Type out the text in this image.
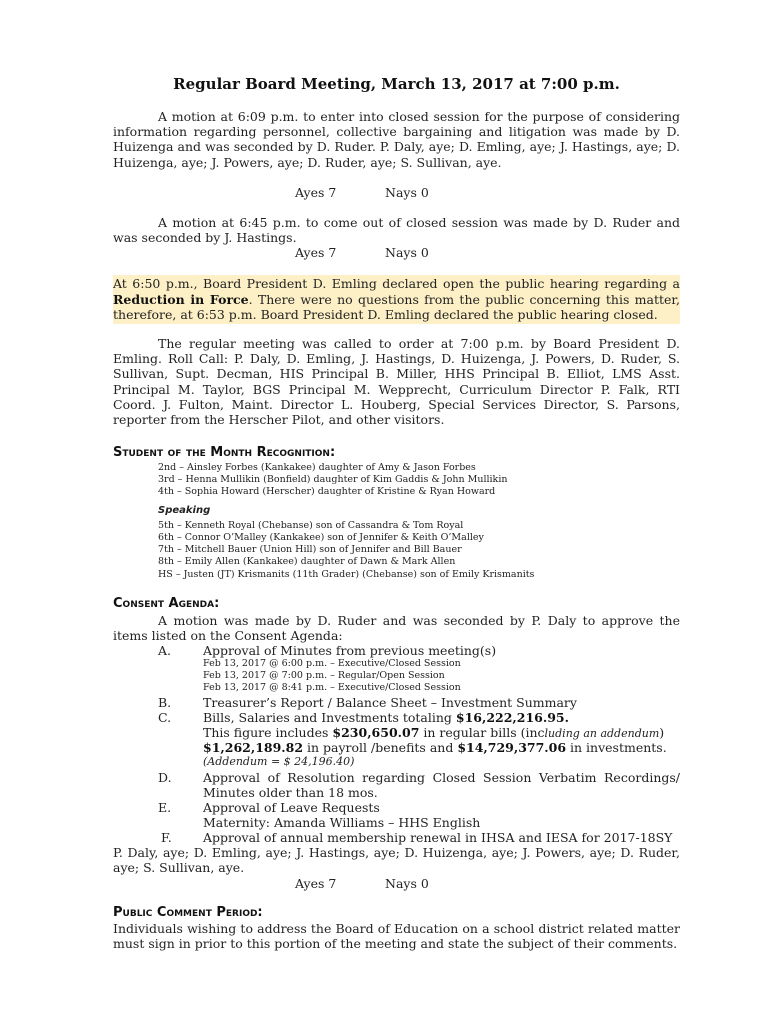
Regular Board Meeting, March 13, 2017 at 7:00 p.m.
A motion at 6:09 p.m. to enter into closed session for the purpose of considering information regarding personnel, collective bargaining and litigation was made by D. Huizenga and was seconded by D. Ruder. P. Daly, aye; D. Emling, aye; J. Hastings, aye; D. Huizenga, aye; J. Powers, aye; D. Ruder, aye; S. Sullivan, aye.
Ayes 7	Nays 0
A motion at 6:45 p.m. to come out of closed session was made by D. Ruder and was seconded by J. Hastings.
Ayes 7	Nays 0
At 6:50 p.m., Board President D. Emling declared open the public hearing regarding a Reduction in Force. There were no questions from the public concerning this matter, therefore, at 6:53 p.m. Board President D. Emling declared the public hearing closed.
The regular meeting was called to order at 7:00 p.m. by Board President D. Emling. Roll Call: P. Daly, D. Emling, J. Hastings, D. Huizenga, J. Powers, D. Ruder, S. Sullivan, Supt. Decman, HIS Principal B. Miller, HHS Principal B. Elliot, LMS Asst. Principal M. Taylor, BGS Principal M. Wepprecht, Curriculum Director P. Falk, RTI Coord. J. Fulton, Maint. Director L. Houberg, Special Services Director, S. Parsons, reporter from the Herscher Pilot, and other visitors.
Student of the Month Recognition:
2nd – Ainsley Forbes (Kankakee) daughter of Amy & Jason Forbes
3rd – Henna Mullikin (Bonfield) daughter of Kim Gaddis & John Mullikin
4th – Sophia Howard (Herscher) daughter of Kristine & Ryan Howard
Speaking
5th – Kenneth Royal (Chebanse) son of Cassandra & Tom Royal
6th – Connor O’Malley (Kankakee) son of Jennifer & Keith O’Malley
7th – Mitchell Bauer (Union Hill) son of Jennifer and Bill Bauer
8th – Emily Allen (Kankakee) daughter of Dawn & Mark Allen
HS – Justen (JT) Krismanits (11th Grader) (Chebanse) son of Emily Krismanits
Consent Agenda:
A motion was made by D. Ruder and was seconded by P. Daly to approve the items listed on the Consent Agenda:
A.	Approval of Minutes from previous meeting(s)
Feb 13, 2017 @ 6:00 p.m. – Executive/Closed Session
Feb 13, 2017 @ 7:00 p.m. – Regular/Open Session
Feb 13, 2017 @ 8:41 p.m. – Executive/Closed Session
B.	Treasurer’s Report / Balance Sheet – Investment Summary
C.	Bills, Salaries and Investments totaling $16,222,216.95.
This figure includes $230,650.07 in regular bills (including an addendum)
$1,262,189.82 in payroll /benefits and $14,729,377.06 in investments.
(Addendum = $ 24,196.40)
D.	Approval of Resolution regarding Closed Session Verbatim Recordings/ Minutes older than 18 mos.
E.	Approval of Leave Requests
Maternity: Amanda Williams – HHS English
F.	Approval of annual membership renewal in IHSA and IESA for 2017-18SY
P. Daly, aye; D. Emling, aye; J. Hastings, aye; D. Huizenga, aye; J. Powers, aye; D. Ruder, aye; S. Sullivan, aye.
Ayes 7	Nays 0
Public Comment Period:
Individuals wishing to address the Board of Education on a school district related matter must sign in prior to this portion of the meeting and state the subject of their comments.
